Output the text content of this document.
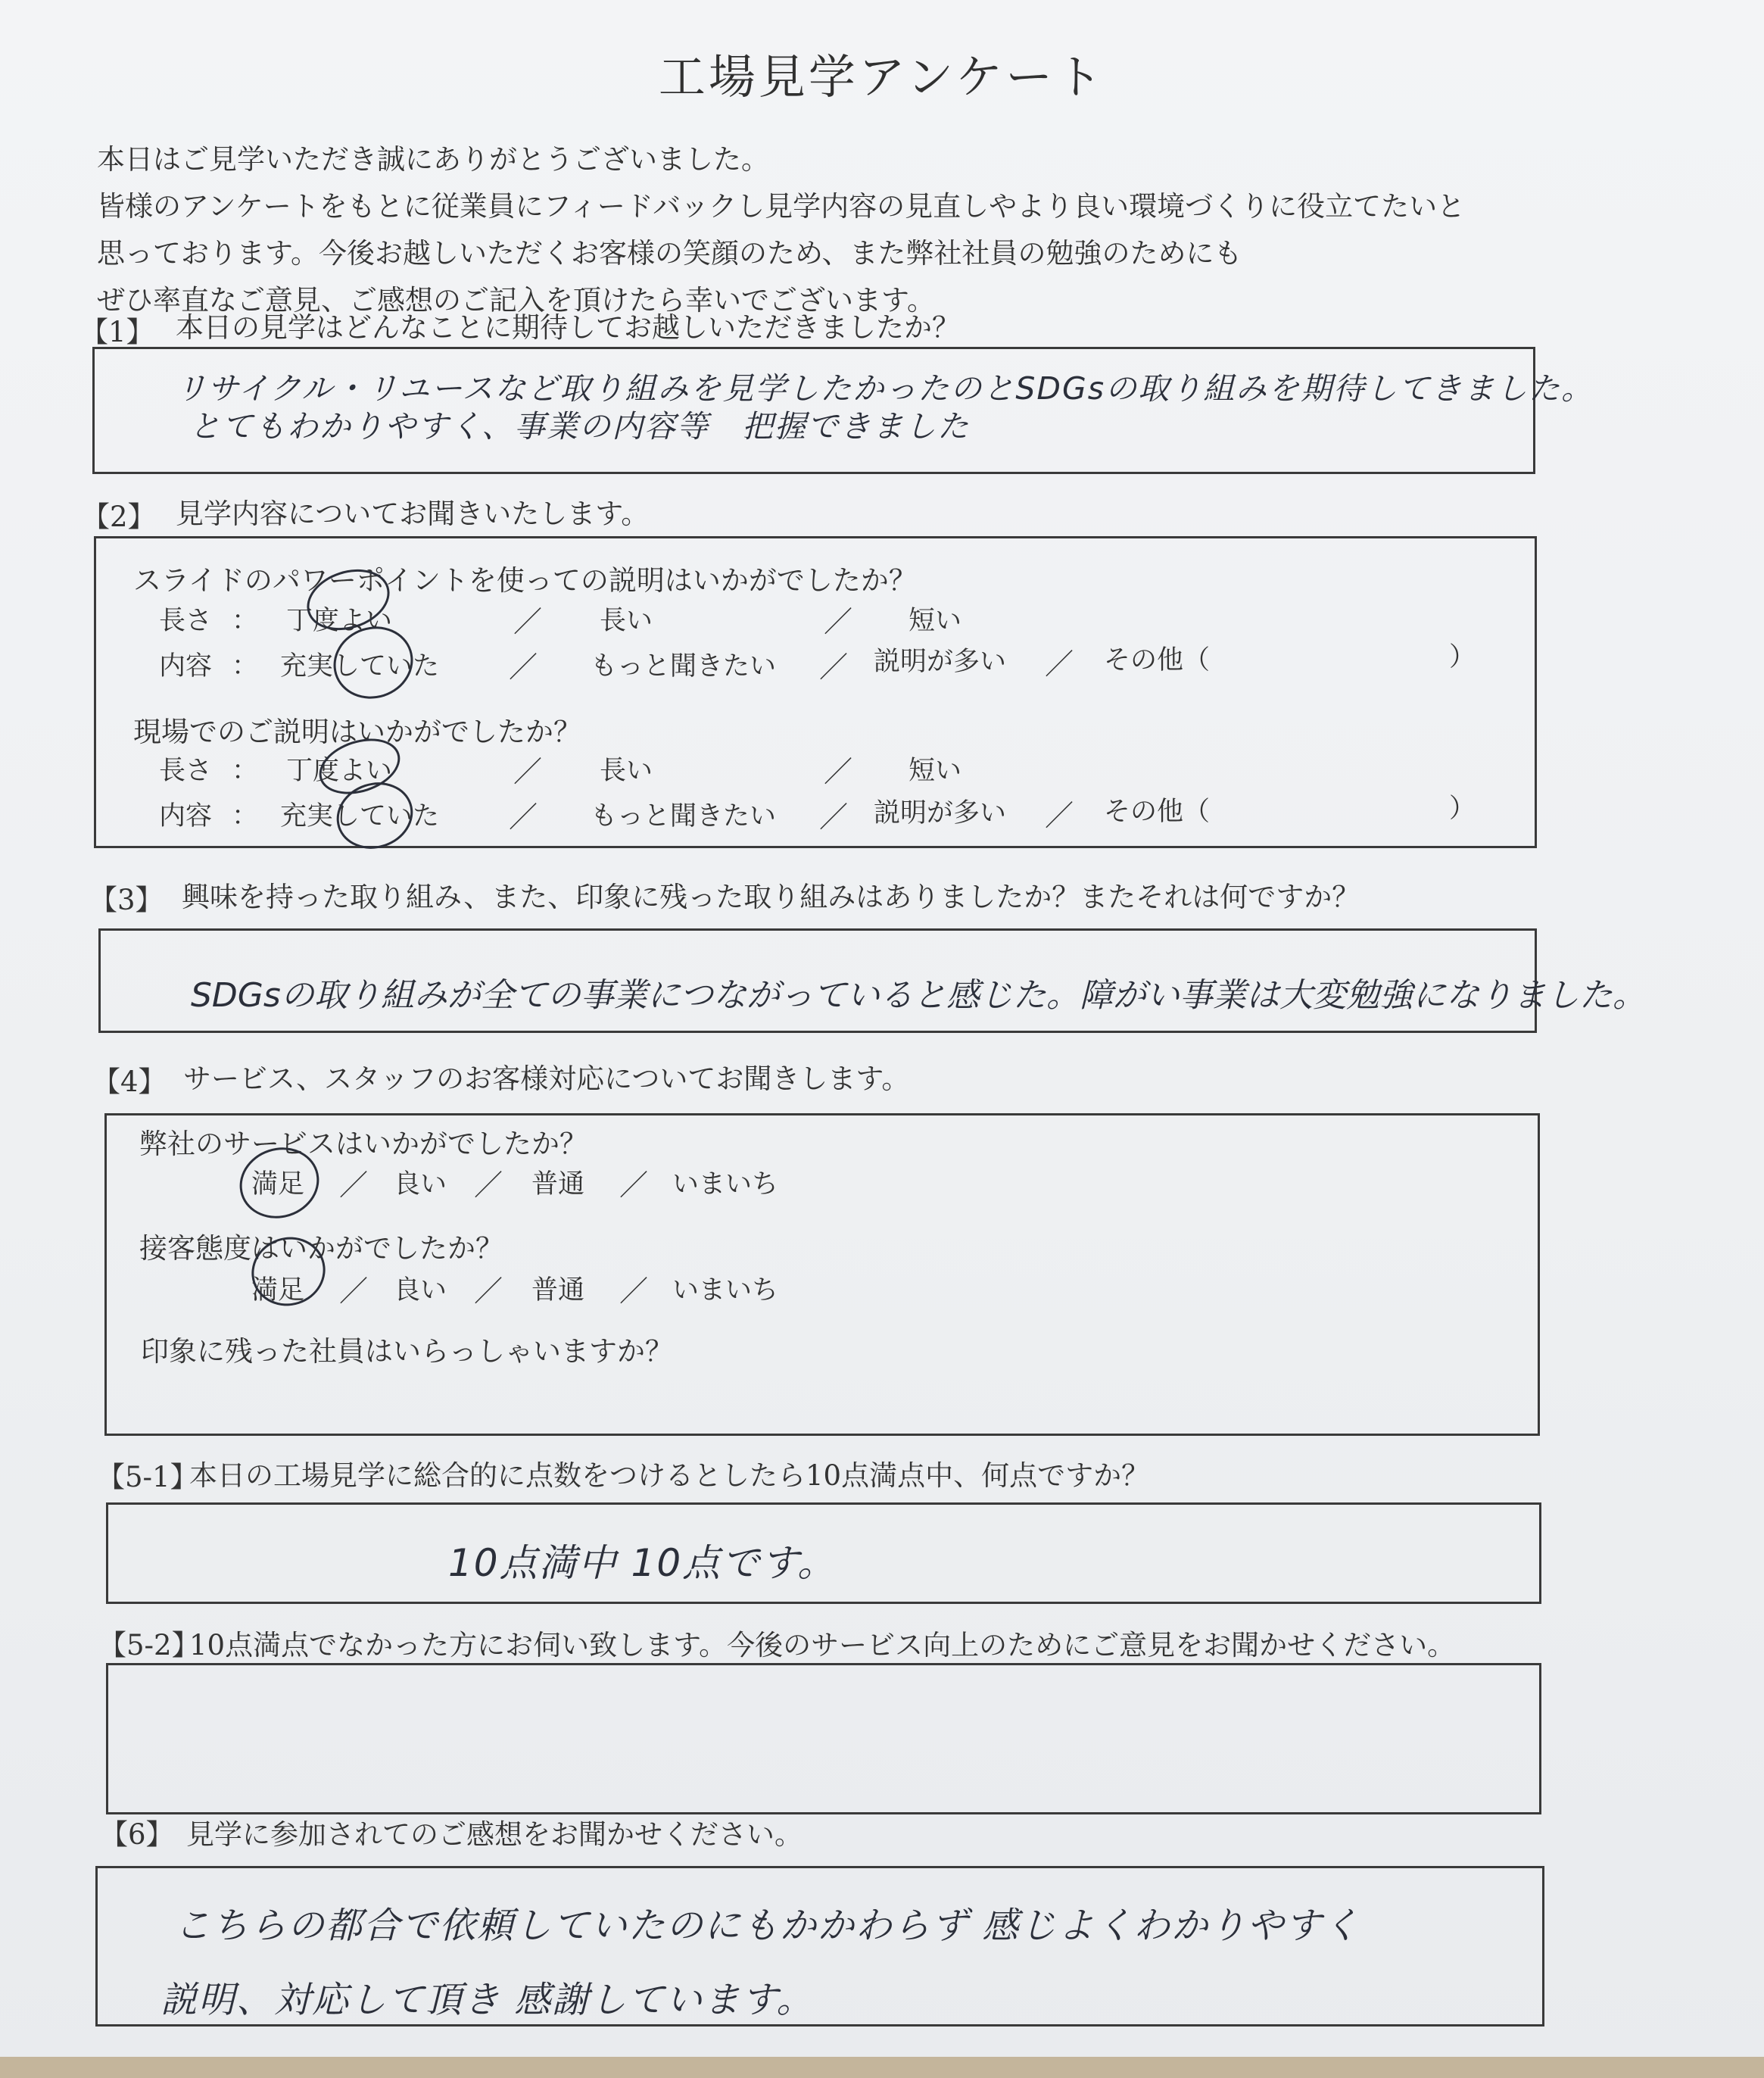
工場見学アンケート
本日はご見学いただき誠にありがとうございました。
皆様のアンケートをもとに従業員にフィードバックし見学内容の見直しやより良い環境づくりに役立てたいと
思っております。今後お越しいただくお客様の笑顔のため、また弊社社員の勉強のためにも
ぜひ率直なご意見、ご感想のご記入を頂けたら幸いでございます。
【1】 本日の見学はどんなことに期待してお越しいただきましたか？
リサイクル・リユースなど取り組みを見学したかったのとSDGsの取り組みを期待してきました。
とてもわかりやすく、事業の内容等　把握できました
【2】 見学内容についてお聞きいたします。
スライドのパワーポイントを使っての説明はいかがでしたか？
長さ ： 丁度よい	／ 長い	／ 短い
内容 ： 充実していた ／ もっと聞きたい ／ 説明が多い ／ その他（	）
現場でのご説明はいかがでしたか？
長さ ： 丁度よい	／ 長い	／ 短い
内容 ： 充実していた ／ もっと聞きたい ／ 説明が多い ／ その他（	）
【3】 興味を持った取り組み、また、印象に残った取り組みはありましたか？またそれは何ですか？
SDGsの取り組みが全ての事業につながっていると感じた。障がい事業は大変勉強になりました。
【4】 サービス、スタッフのお客様対応についてお聞きします。
弊社のサービスはいかがでしたか？
満足 ／ 良い ／ 普通 ／ いまいち
接客態度はいかがでしたか？
満足 ／ 良い ／ 普通 ／ いまいち
印象に残った社員はいらっしゃいますか？
【5-1】
本日の工場見学に総合的に点数をつけるとしたら10点満点中、何点ですか？
10点満中 10点です。
【5-2】
10点満点でなかった方にお伺い致します。今後のサービス向上のためにご意見をお聞かせください。
【6】 見学に参加されてのご感想をお聞かせください。
こちらの都合で依頼していたのにもかかわらず 感じよくわかりやすく
説明、対応して頂き 感謝しています。
